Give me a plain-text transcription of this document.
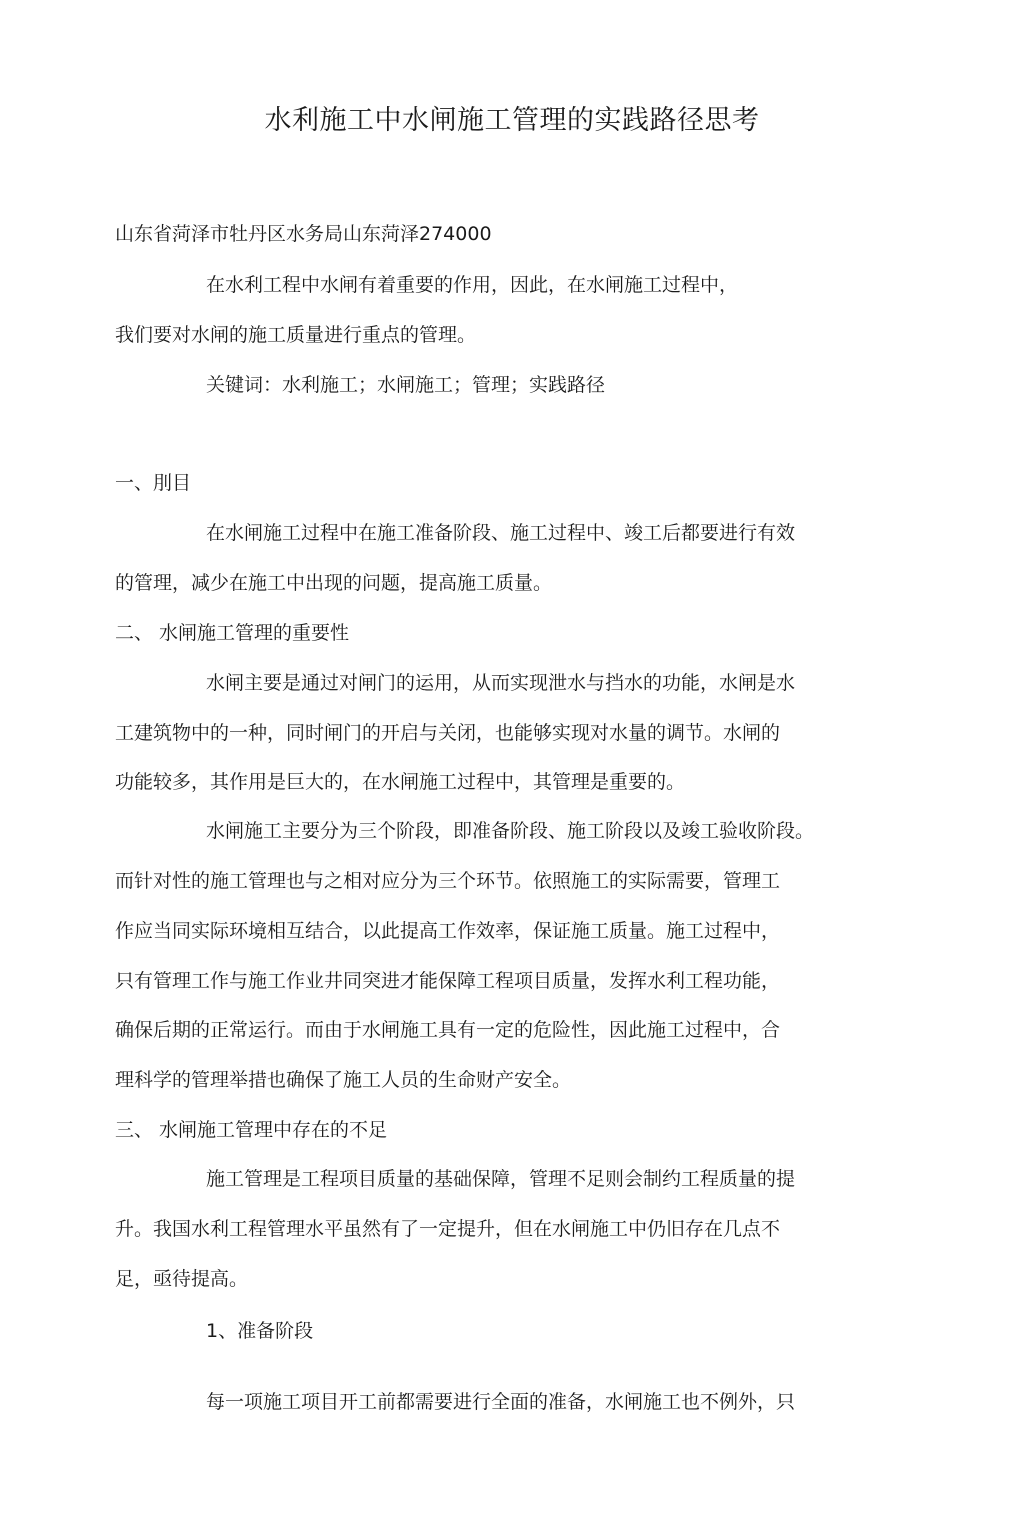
水利施工中水闸施工管理的实践路径思考

山东省菏泽市牡丹区水务局山东菏泽274000

在水利工程中水闸有着重要的作用，因此，在水闸施工过程中，

我们要对水闸的施工质量进行重点的管理。

关键词：水利施工；水闸施工；管理；实践路径

一、刖目

在水闸施工过程中在施工准备阶段、施工过程中、竣工后都要进行有效

的管理，减少在施工中出现的问题，提高施工质量。

二、 水闸施工管理的重要性

水闸主要是通过对闸门的运用，从而实现泄水与挡水的功能，水闸是水

工建筑物中的一种，同时闸门的开启与关闭，也能够实现对水量的调节。水闸的

功能较多，其作用是巨大的，在水闸施工过程中，其管理是重要的。

水闸施工主要分为三个阶段，即准备阶段、施工阶段以及竣工验收阶段。

而针对性的施工管理也与之相对应分为三个环节。依照施工的实际需要，管理工

作应当同实际环境相互结合，以此提高工作效率，保证施工质量。施工过程中，

只有管理工作与施工作业井同突进才能保障工程项目质量，发挥水利工程功能，

确保后期的正常运行。而由于水闸施工具有一定的危险性，因此施工过程中，合

理科学的管理举措也确保了施工人员的生命财产安全。

三、 水闸施工管理中存在的不足

施工管理是工程项目质量的基础保障，管理不足则会制约工程质量的提

升。我国水利工程管理水平虽然有了一定提升，但在水闸施工中仍旧存在几点不

足，亟待提高。

1、准备阶段

每一项施工项目开工前都需要进行全面的准备，水闸施工也不例外，只
